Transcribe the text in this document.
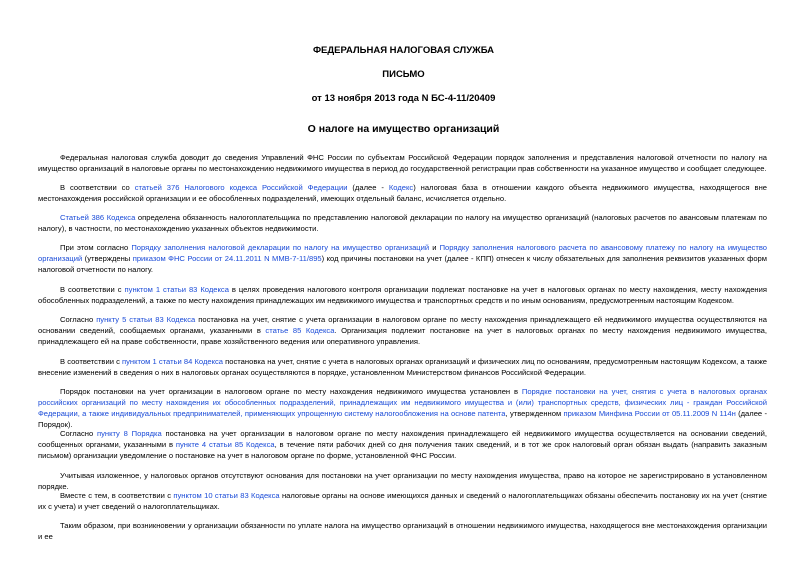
ФЕДЕРАЛЬНАЯ НАЛОГОВАЯ СЛУЖБА
ПИСЬМО
от 13 ноября 2013 года N БС-4-11/20409
О налоге на имущество организаций

Федеральная налоговая служба доводит до сведения Управлений ФНС России по субъектам Российской Федерации порядок заполнения и представления налоговой отчетности по налогу на имущество организаций в налоговые органы по местонахождению недвижимого имущества в период до государственной регистрации прав собственности на указанное имущество и сообщает следующее.

В соответствии со статьей 376 Налогового кодекса Российской Федерации (далее - Кодекс) налоговая база в отношении каждого объекта недвижимого имущества, находящегося вне местонахождения российской организации и ее обособленных подразделений, имеющих отдельный баланс, исчисляется отдельно.

Статьей 386 Кодекса определена обязанность налогоплательщика по представлению налоговой декларации по налогу на имущество организаций (налоговых расчетов по авансовым платежам по налогу), в частности, по местонахождению указанных объектов недвижимости.

При этом согласно Порядку заполнения налоговой декларации по налогу на имущество организаций и Порядку заполнения налогового расчета по авансовому платежу по налогу на имущество организаций (утверждены приказом ФНС России от 24.11.2011 N ММВ-7-11/895) код причины постановки на учет (далее - КПП) отнесен к числу обязательных для заполнения реквизитов указанных форм налоговой отчетности по налогу.

В соответствии с пунктом 1 статьи 83 Кодекса в целях проведения налогового контроля организации подлежат постановке на учет в налоговых органах по месту нахождения, месту нахождения обособленных подразделений, а также по месту нахождения принадлежащих им недвижимого имущества и транспортных средств и по иным основаниям, предусмотренным настоящим Кодексом.

Согласно пункту 5 статьи 83 Кодекса постановка на учет, снятие с учета организации в налоговом органе по месту нахождения принадлежащего ей недвижимого имущества осуществляются на основании сведений, сообщаемых органами, указанными в статье 85 Кодекса. Организация подлежит постановке на учет в налоговых органах по месту нахождения недвижимого имущества, принадлежащего ей на праве собственности, праве хозяйственного ведения или оперативного управления.

В соответствии с пунктом 1 статьи 84 Кодекса постановка на учет, снятие с учета в налоговых органах организаций и физических лиц по основаниям, предусмотренным настоящим Кодексом, а также внесение изменений в сведения о них в налоговых органах осуществляются в порядке, установленном Министерством финансов Российской Федерации.

Порядок постановки на учет организации в налоговом органе по месту нахождения недвижимого имущества установлен в Порядке постановки на учет, снятия с учета в налоговых органах российских организаций по месту нахождения их обособленных подразделений, принадлежащих им недвижимого имущества и (или) транспортных средств, физических лиц - граждан Российской Федерации, а также индивидуальных предпринимателей, применяющих упрощенную систему налогообложения на основе патента, утвержденном приказом Минфина России от 05.11.2009 N 114н (далее - Порядок).

Согласно пункту 8 Порядка постановка на учет организации в налоговом органе по месту нахождения принадлежащего ей недвижимого имущества осуществляется на основании сведений, сообщенных органами, указанными в пункте 4 статьи 85 Кодекса, в течение пяти рабочих дней со дня получения таких сведений, и в тот же срок налоговый орган обязан выдать (направить заказным письмом) организации уведомление о постановке на учет в налоговом органе по форме, установленной ФНС России.

Учитывая изложенное, у налоговых органов отсутствуют основания для постановки на учет организации по месту нахождения имущества, право на которое не зарегистрировано в установленном порядке.

Вместе с тем, в соответствии с пунктом 10 статьи 83 Кодекса налоговые органы на основе имеющихся данных и сведений о налогоплательщиках обязаны обеспечить постановку их на учет (снятие их с учета) и учет сведений о налогоплательщиках.

Таким образом, при возникновении у организации обязанности по уплате налога на имущество организаций в отношении недвижимого имущества, находящегося вне местонахождения организации и ее
